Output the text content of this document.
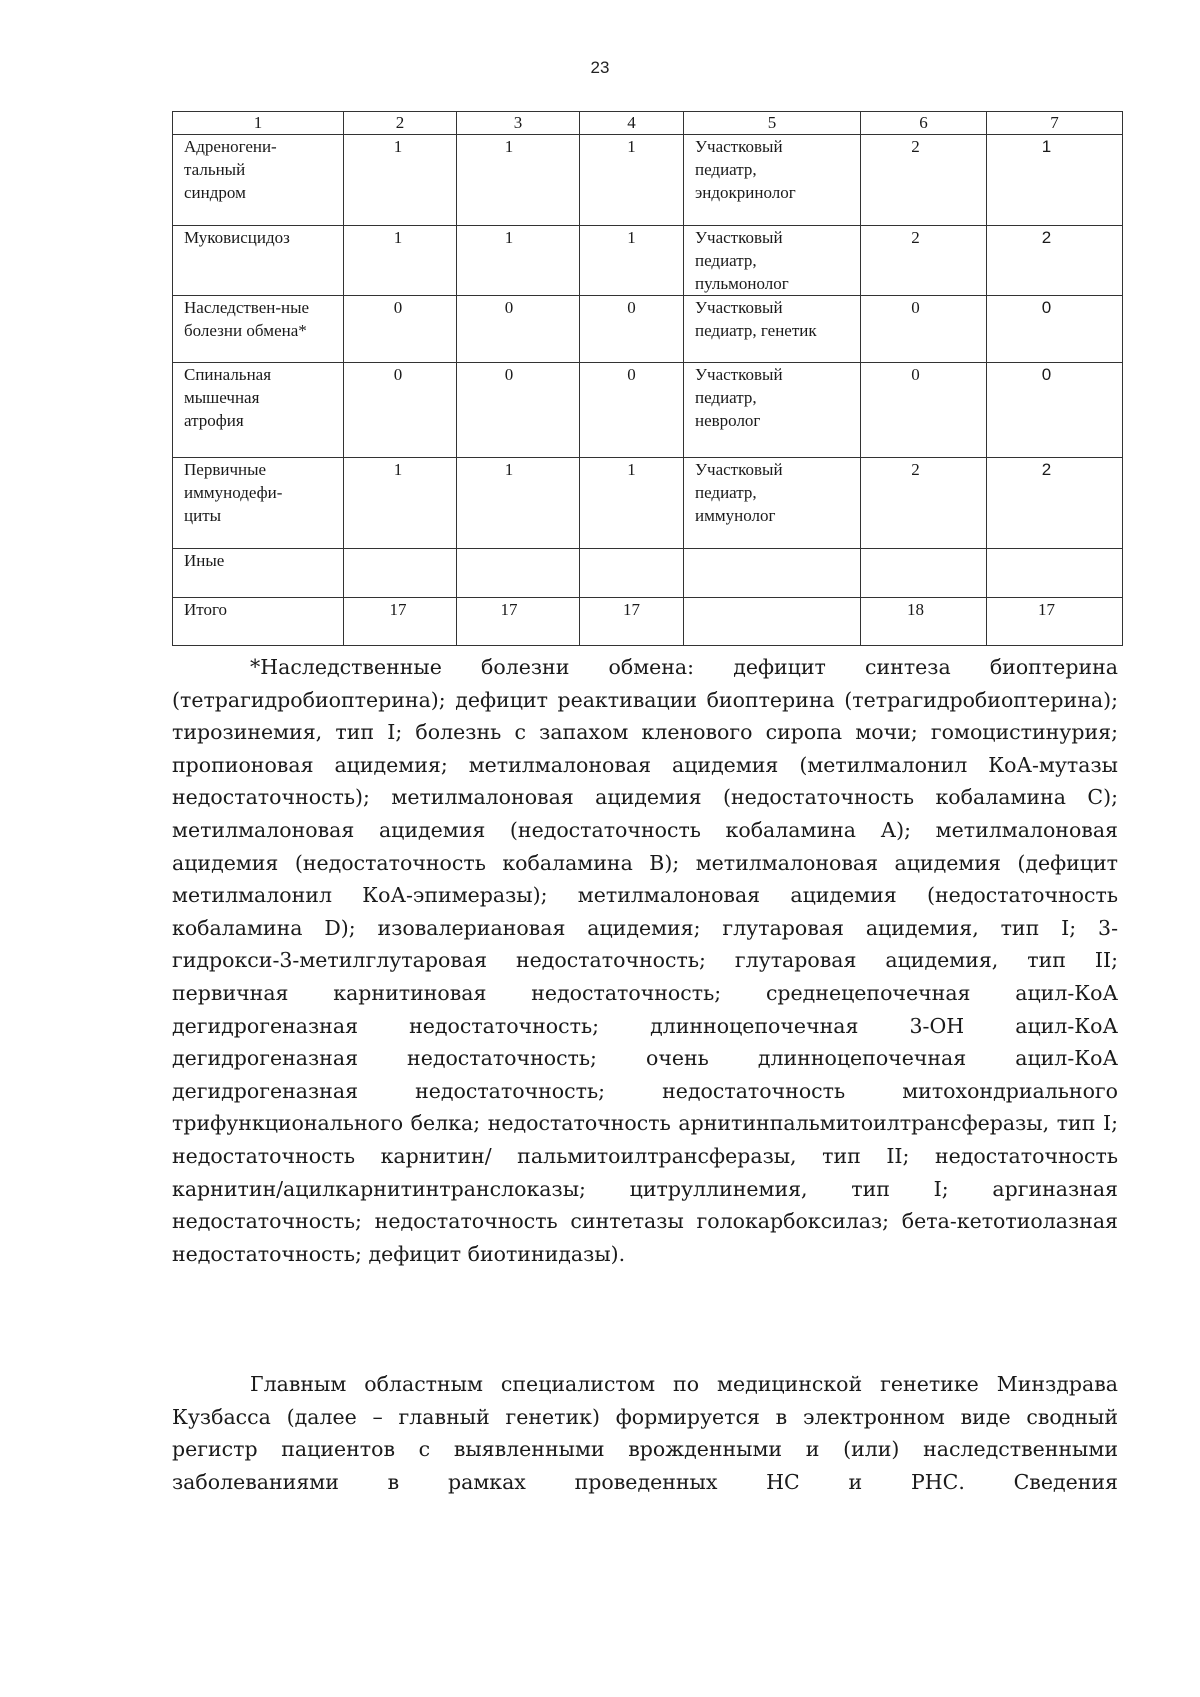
23
1	2	3	4	5	6	7

Адреногени-
тальный
синдром	1	1	1	Участковый
педиатр,
эндокринолог	2	1

Муковисцидоз	1	1	1	Участковый
педиатр,
пульмонолог	2	2

Наследствен-ные
болезни обмена*	0	0	0	Участковый
педиатр, генетик	0	0

Спинальная
мышечная
атрофия	0	0	0	Участковый
педиатр,
невролог	0	0

Первичные
иммунодефи-
циты	1	1	1	Участковый
педиатр,
иммунолог	2	2

Иные						

Итого	17	17	17		18	17

*Наследственные болезни обмена: дефицит синтеза биоптерина (тетрагидробиоптерина); дефицит реактивации биоптерина (тетрагидробиоптерина); тирозинемия, тип I; болезнь с запахом кленового сиропа мочи; гомоцистинурия; пропионовая ацидемия; метилмалоновая ацидемия (метилмалонил КоА-мутазы недостаточность); метилмалоновая ацидемия (недостаточность кобаламина С); метилмалоновая ацидемия (недостаточность кобаламина А); метилмалоновая ацидемия (недостаточность кобаламина В); метилмалоновая ацидемия (дефицит метилмалонил КоА-эпимеразы); метилмалоновая ацидемия (недостаточность кобаламина D); изовалериановая ацидемия; глутаровая ацидемия, тип I; 3-гидрокси-3-метилглутаровая недостаточность; глутаровая ацидемия, тип II; первичная карнитиновая недостаточность; среднецепочечная ацил-КоА дегидрогеназная недостаточность; длинноцепочечная 3-ОН ацил-КоА дегидрогеназная недостаточность; очень длинноцепочечная ацил-КоА дегидрогеназная недостаточность; недостаточность митохондриального трифункционального белка; недостаточность арнитинпальмитоилтрансферазы, тип I; недостаточность карнитин/ пальмитоилтрансферазы, тип II; недостаточность карнитин/ацилкарнитинтранслоказы; цитруллинемия, тип I; аргиназная недостаточность; недостаточность синтетазы голокарбоксилаз; бета-кетотиолазная недостаточность; дефицит биотинидазы).

Главным областным специалистом по медицинской генетике Минздрава Кузбасса (далее – главный генетик) формируется в электронном виде сводный регистр пациентов с выявленными врожденными и (или) наследственными заболеваниями в рамках проведенных НС и РНС. Сведения
